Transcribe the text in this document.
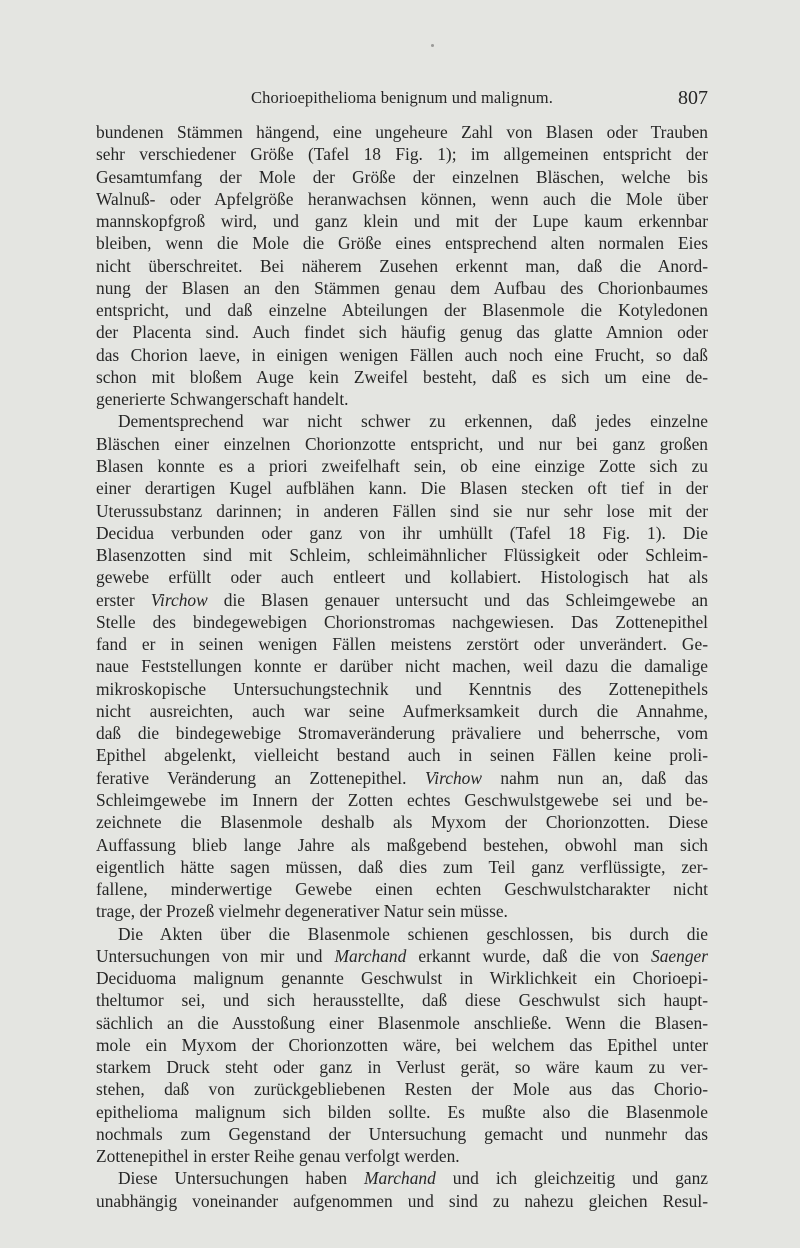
Chorioepithelioma benignum und malignum.	807
bundenen Stämmen hängend, eine ungeheure Zahl von Blasen oder Trauben
sehr verschiedener Größe (Tafel 18 Fig. 1); im allgemeinen entspricht der
Gesamtumfang der Mole der Größe der einzelnen Bläschen, welche bis
Walnuß- oder Apfelgröße heranwachsen können, wenn auch die Mole über
mannskopfgroß wird, und ganz klein und mit der Lupe kaum erkennbar
bleiben, wenn die Mole die Größe eines entsprechend alten normalen Eies
nicht überschreitet. Bei näherem Zusehen erkennt man, daß die Anord-
nung der Blasen an den Stämmen genau dem Aufbau des Chorionbaumes
entspricht, und daß einzelne Abteilungen der Blasenmole die Kotyledonen
der Placenta sind. Auch findet sich häufig genug das glatte Amnion oder
das Chorion laeve, in einigen wenigen Fällen auch noch eine Frucht, so daß
schon mit bloßem Auge kein Zweifel besteht, daß es sich um eine de-
generierte Schwangerschaft handelt.
Dementsprechend war nicht schwer zu erkennen, daß jedes einzelne
Bläschen einer einzelnen Chorionzotte entspricht, und nur bei ganz großen
Blasen konnte es a priori zweifelhaft sein, ob eine einzige Zotte sich zu
einer derartigen Kugel aufblähen kann. Die Blasen stecken oft tief in der
Uterussubstanz darinnen; in anderen Fällen sind sie nur sehr lose mit der
Decidua verbunden oder ganz von ihr umhüllt (Tafel 18 Fig. 1). Die
Blasenzotten sind mit Schleim, schleimähnlicher Flüssigkeit oder Schleim-
gewebe erfüllt oder auch entleert und kollabiert. Histologisch hat als
erster Virchow die Blasen genauer untersucht und das Schleimgewebe an
Stelle des bindegewebigen Chorionstromas nachgewiesen. Das Zottenepithel
fand er in seinen wenigen Fällen meistens zerstört oder unverändert. Ge-
naue Feststellungen konnte er darüber nicht machen, weil dazu die damalige
mikroskopische Untersuchungstechnik und Kenntnis des Zottenepithels
nicht ausreichten, auch war seine Aufmerksamkeit durch die Annahme,
daß die bindegewebige Stromaveränderung prävaliere und beherrsche, vom
Epithel abgelenkt, vielleicht bestand auch in seinen Fällen keine proli-
ferative Veränderung an Zottenepithel. Virchow nahm nun an, daß das
Schleimgewebe im Innern der Zotten echtes Geschwulstgewebe sei und be-
zeichnete die Blasenmole deshalb als Myxom der Chorionzotten. Diese
Auffassung blieb lange Jahre als maßgebend bestehen, obwohl man sich
eigentlich hätte sagen müssen, daß dies zum Teil ganz verflüssigte, zer-
fallene, minderwertige Gewebe einen echten Geschwulstcharakter nicht
trage, der Prozeß vielmehr degenerativer Natur sein müsse.
Die Akten über die Blasenmole schienen geschlossen, bis durch die
Untersuchungen von mir und Marchand erkannt wurde, daß die von Saenger
Deciduoma malignum genannte Geschwulst in Wirklichkeit ein Chorioepi-
theltumor sei, und sich herausstellte, daß diese Geschwulst sich haupt-
sächlich an die Ausstoßung einer Blasenmole anschließe. Wenn die Blasen-
mole ein Myxom der Chorionzotten wäre, bei welchem das Epithel unter
starkem Druck steht oder ganz in Verlust gerät, so wäre kaum zu ver-
stehen, daß von zurückgebliebenen Resten der Mole aus das Chorio-
epithelioma malignum sich bilden sollte. Es mußte also die Blasenmole
nochmals zum Gegenstand der Untersuchung gemacht und nunmehr das
Zottenepithel in erster Reihe genau verfolgt werden.
Diese Untersuchungen haben Marchand und ich gleichzeitig und ganz
unabhängig voneinander aufgenommen und sind zu nahezu gleichen Resul-
